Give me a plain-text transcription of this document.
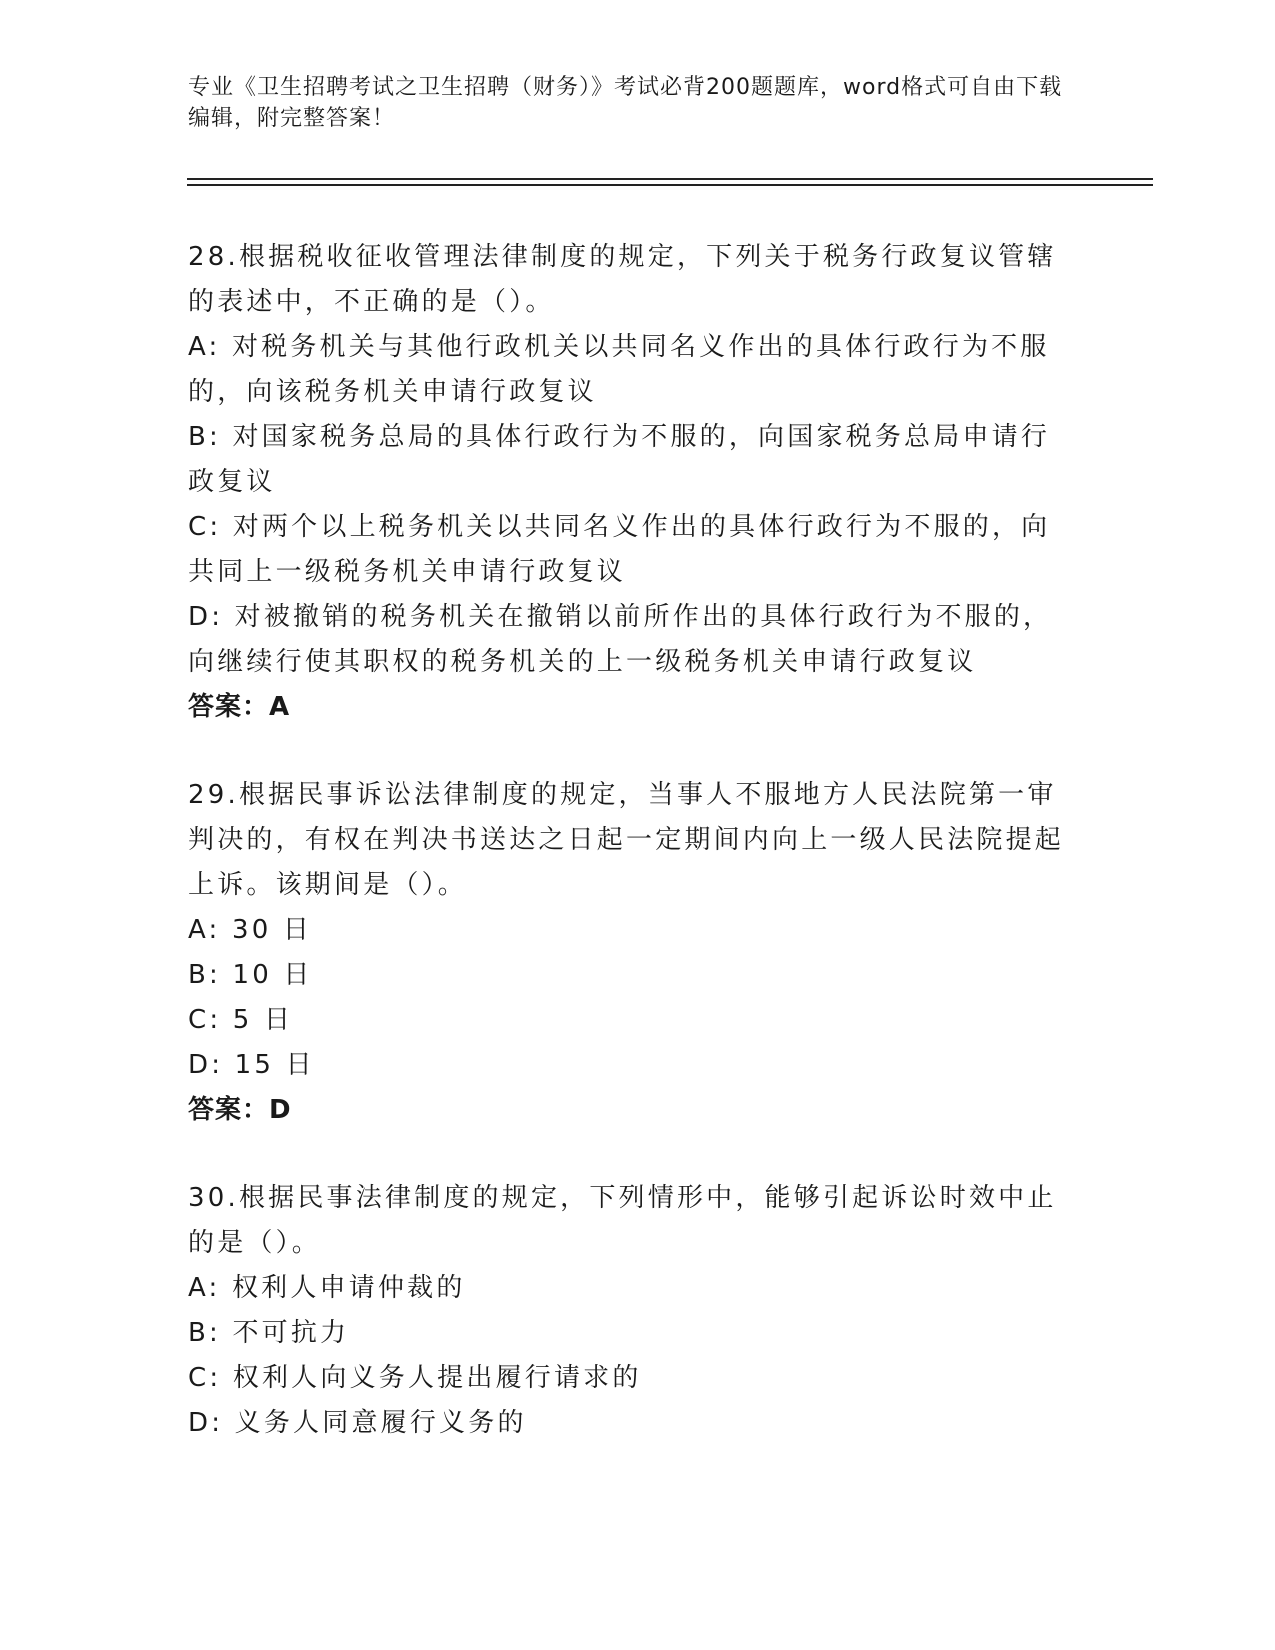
专业《卫生招聘考试之卫生招聘（财务）》考试必背200题题库，word格式可自由下载编辑，附完整答案！
28.根据税收征收管理法律制度的规定，下列关于税务行政复议管辖的表述中，不正确的是（）。
A: 对税务机关与其他行政机关以共同名义作出的具体行政行为不服的，向该税务机关申请行政复议
B: 对国家税务总局的具体行政行为不服的，向国家税务总局申请行政复议
C: 对两个以上税务机关以共同名义作出的具体行政行为不服的，向共同上一级税务机关申请行政复议
D: 对被撤销的税务机关在撤销以前所作出的具体行政行为不服的，向继续行使其职权的税务机关的上一级税务机关申请行政复议
答案：A
29.根据民事诉讼法律制度的规定，当事人不服地方人民法院第一审判决的，有权在判决书送达之日起一定期间内向上一级人民法院提起上诉。该期间是（）。
A: 30 日
B: 10 日
C: 5 日
D: 15 日
答案：D
30.根据民事法律制度的规定，下列情形中，能够引起诉讼时效中止的是（）。
A: 权利人申请仲裁的
B: 不可抗力
C: 权利人向义务人提出履行请求的
D: 义务人同意履行义务的
